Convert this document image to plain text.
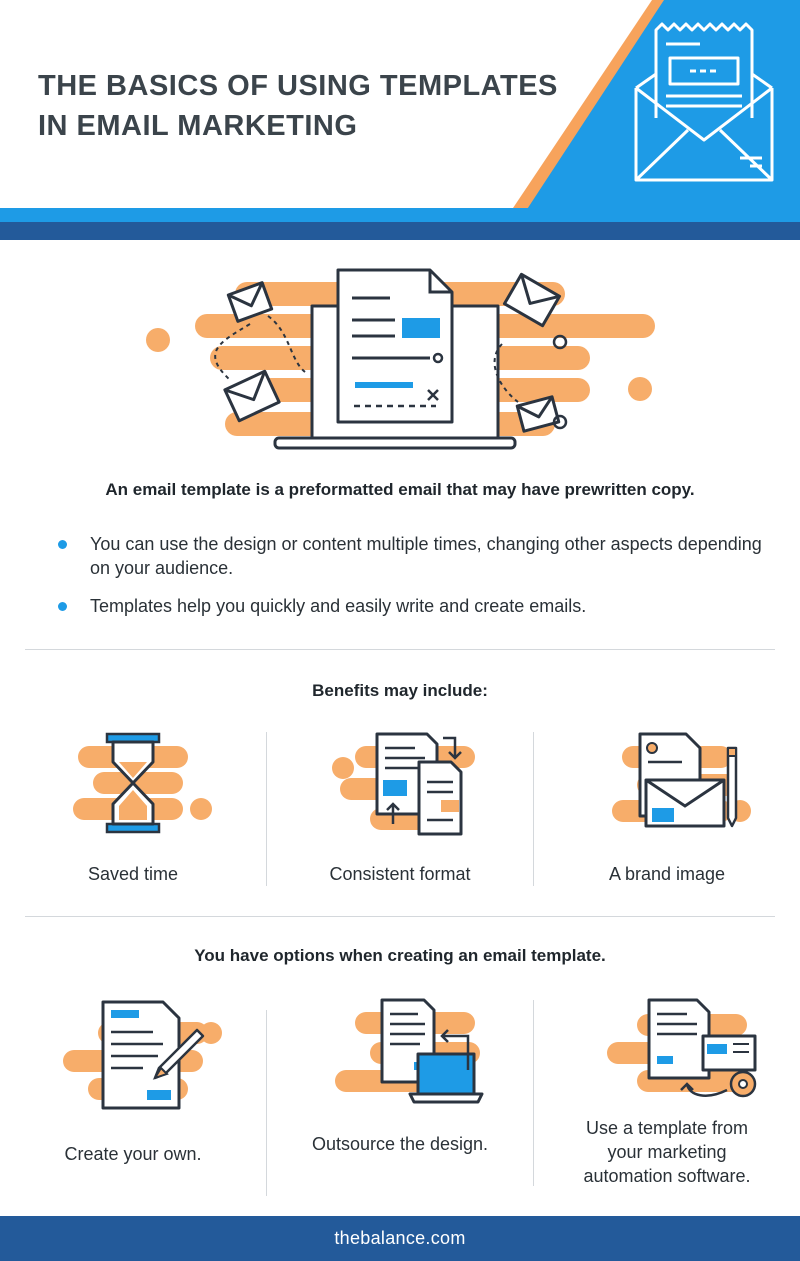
THE BASICS OF USING TEMPLATES
IN EMAIL MARKETING
An email template is a preformatted email that may have prewritten copy.
You can use the design or content multiple times, changing other aspects depending on your audience.
Templates help you quickly and easily write and create emails.
Benefits may include:
Saved time	Consistent format	A brand image
You have options when creating an email template.
Create your own.	Outsource the design.
Use a template from
your marketing
automation software.
thebalance.com
